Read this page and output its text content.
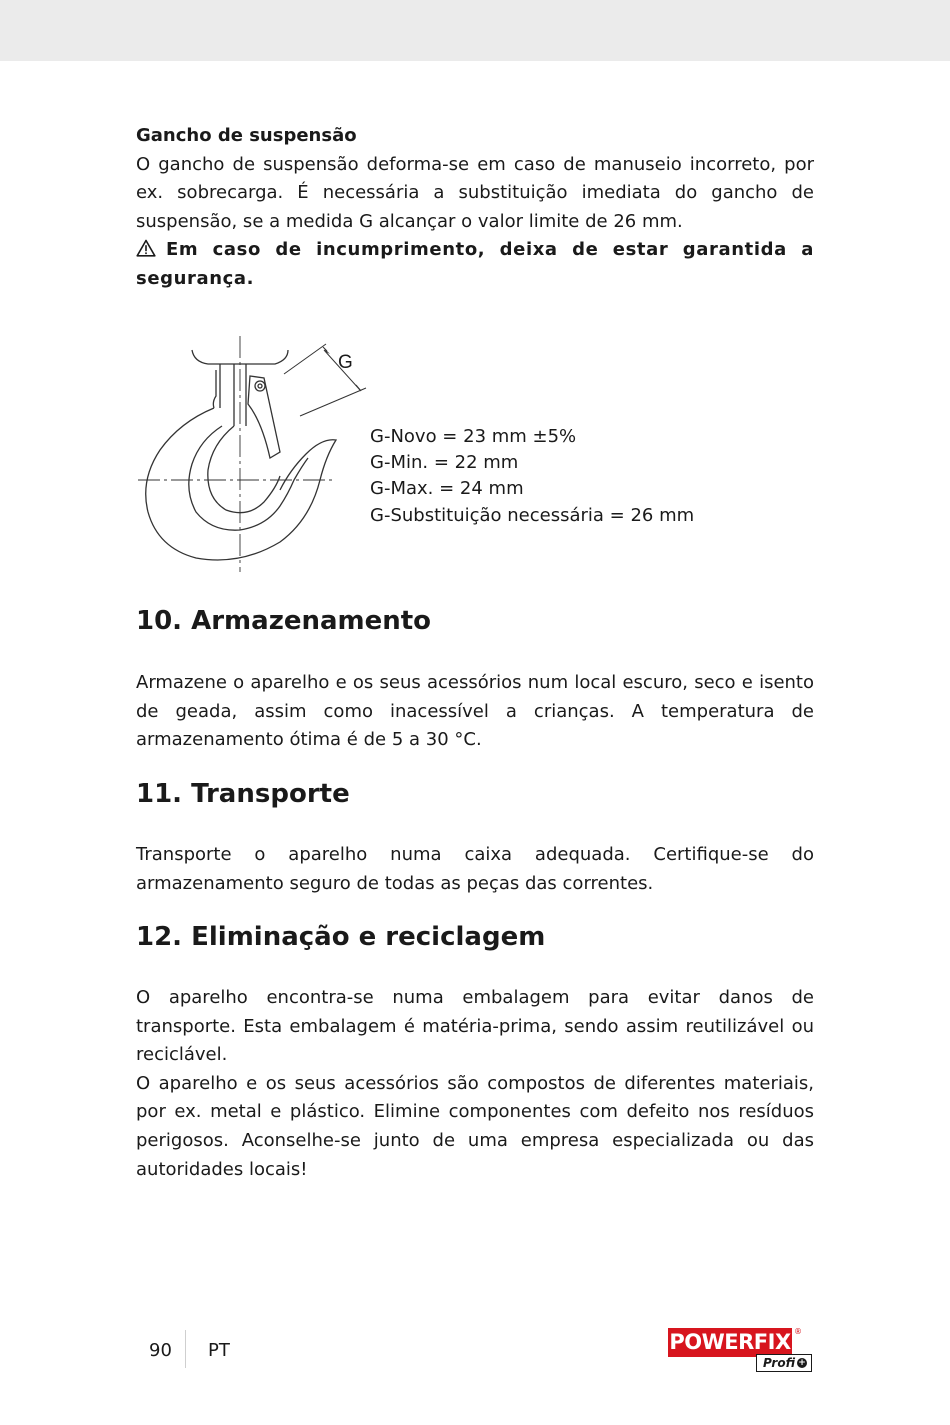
Gancho de suspensão

O gancho de suspensão deforma-se em caso de manuseio incorreto, por ex. sobrecarga. É necessária a substituição imediata do gancho de suspensão, se a medida G alcançar o valor limite de 26 mm.

Em caso de incumprimento, deixa de estar garantida a segurança.

G
G-Novo = 23 mm ±5%
G-Min. = 22 mm
G-Max. = 24 mm
G-Substituição necessária = 26 mm
10. Armazenamento

Armazene o aparelho e os seus acessórios num local escuro, seco e isento de geada, assim como inacessível a crianças. A temperatura de armazenamento ótima é de 5 a 30 °C.

11. Transporte

Transporte o aparelho numa caixa adequada. Certifique-se do armazenamento seguro de todas as peças das correntes.

12. Eliminação e reciclagem

O aparelho encontra-se numa embalagem para evitar danos de transporte. Esta embalagem é matéria-prima, sendo assim reutilizável ou reciclável.

O aparelho e os seus acessórios são compostos de diferentes materiais, por ex. metal e plástico. Elimine componentes com defeito nos resíduos perigosos. Aconselhe-se junto de uma empresa especializada ou das autoridades locais!

90 PT	POWERFIX ®
Profi +
